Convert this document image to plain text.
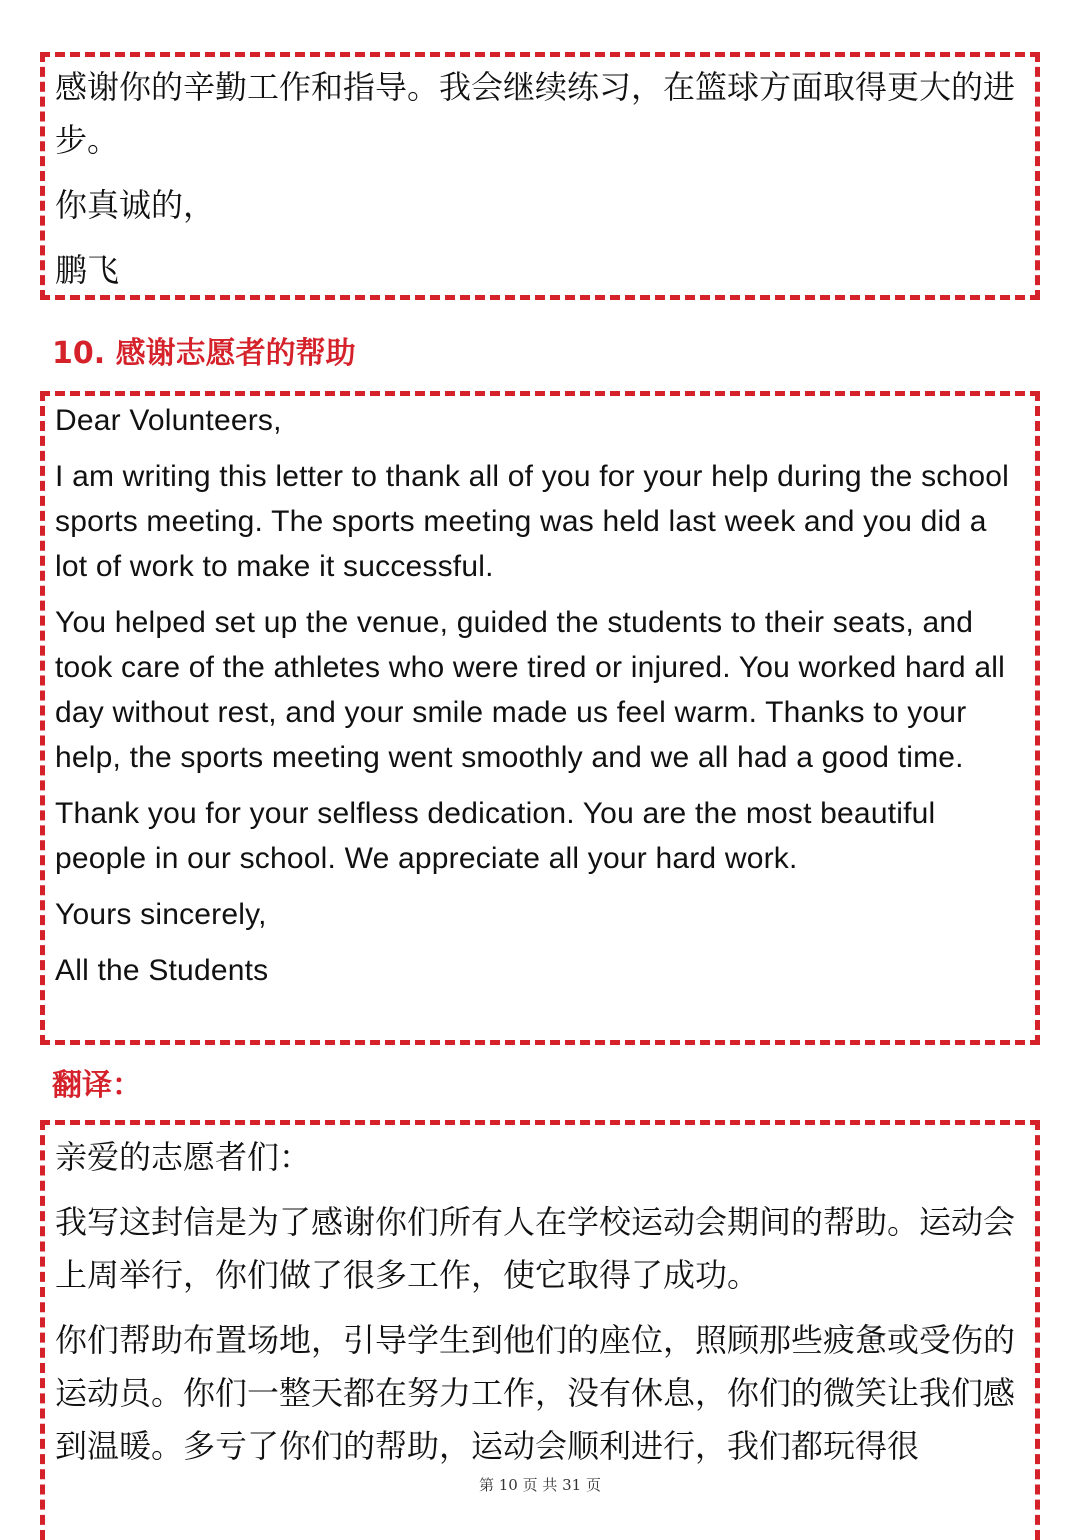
感谢你的辛勤工作和指导。我会继续练习，在篮球方面取得更大的进步。

你真诚的，

鹏飞

10. 感谢志愿者的帮助

Dear Volunteers,

I am writing this letter to thank all of you for your help during the school sports meeting. The sports meeting was held last week and you did a lot of work to make it successful.

You helped set up the venue, guided the students to their seats, and took care of the athletes who were tired or injured. You worked hard all day without rest, and your smile made us feel warm. Thanks to your help, the sports meeting went smoothly and we all had a good time.

Thank you for your selfless dedication. You are the most beautiful people in our school. We appreciate all your hard work.

Yours sincerely,

All the Students

翻译：

亲爱的志愿者们：

我写这封信是为了感谢你们所有人在学校运动会期间的帮助。运动会上周举行，你们做了很多工作，使它取得了成功。

你们帮助布置场地，引导学生到他们的座位，照顾那些疲惫或受伤的运动员。你们一整天都在努力工作，没有休息，你们的微笑让我们感到温暖。多亏了你们的帮助，运动会顺利进行，我们都玩得很

第 10 页 共 31 页
